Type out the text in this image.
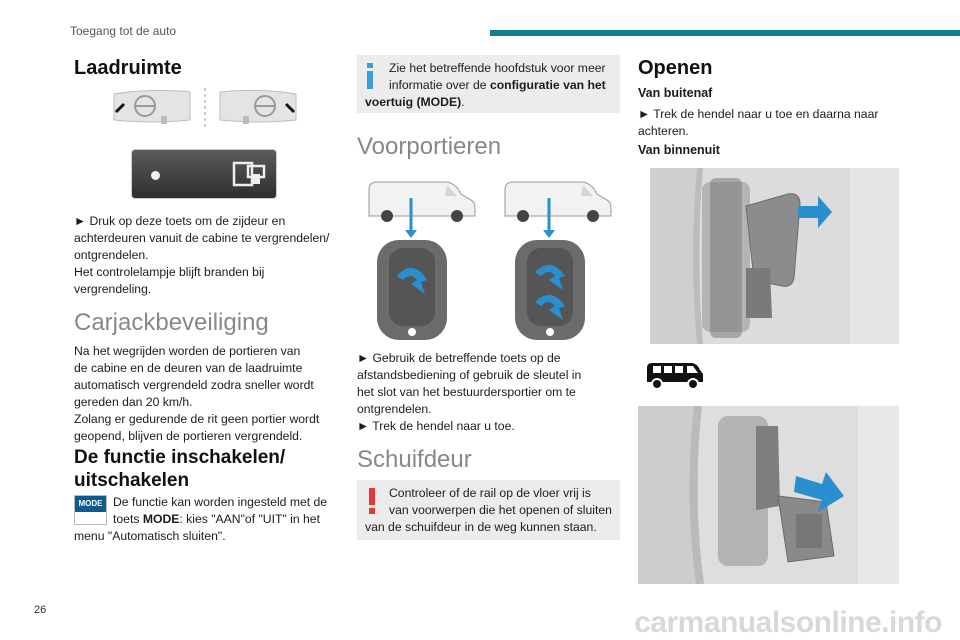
Toegang tot de auto
Laadruimte

► Druk op deze toets om de zijdeur en

achterdeuren vanuit de cabine te vergrendelen/

ontgrendelen.

Het controlelampje blijft branden bij

vergrendeling.

Carjackbeveiliging

Na het wegrijden worden de portieren van

de cabine en de deuren van de laadruimte

automatisch vergrendeld zodra sneller wordt

gereden dan 20 km/h.

Zolang er gedurende de rit geen portier wordt

geopend, blijven de portieren vergrendeld.

De functie inschakelen/
uitschakelen
MODE De functie kan worden ingesteld met de

toets MODE: kies "AAN"of "UIT" in het

menu "Automatisch sluiten".

Zie het betreffende hoofdstuk voor meer

informatie over de configuratie van het

voertuig (MODE).

Voorportieren

► Gebruik de betreffende toets op de

afstandsbediening of gebruik de sleutel in

het slot van het bestuurdersportier om te

ontgrendelen.

► Trek de hendel naar u toe.

Schuifdeur

Controleer of de rail op de vloer vrij is

van voorwerpen die het openen of sluiten

van de schuifdeur in de weg kunnen staan.

Openen
Van buitenaf

► Trek de hendel naar u toe en daarna naar

achteren.

Van binnenuit
26	carmanualsonline.info
